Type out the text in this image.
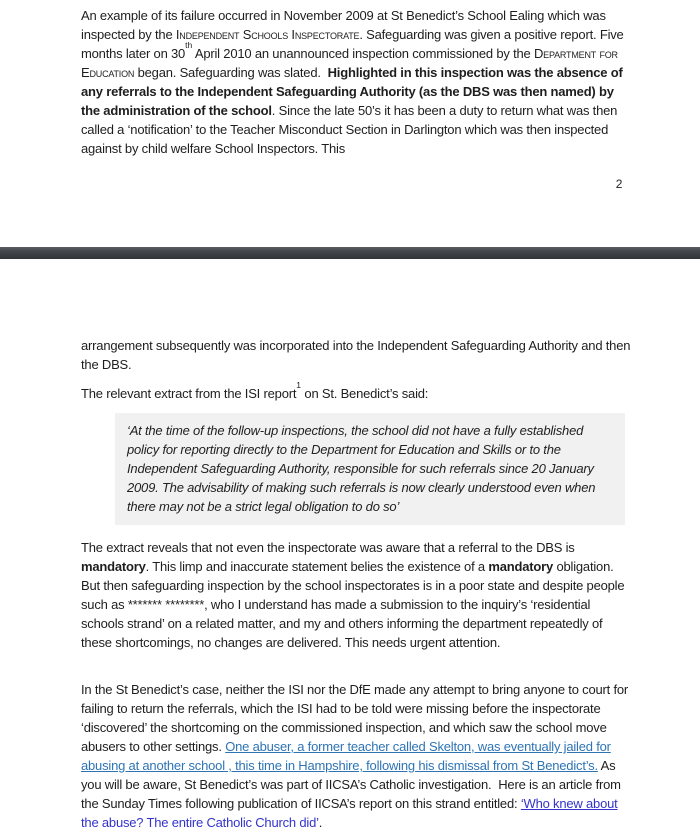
An example of its failure occurred in November 2009 at St Benedict’s School Ealing which was inspected by the Independent Schools Inspectorate. Safeguarding was given a positive report. Five months later on 30th April 2010 an unannounced inspection commissioned by the Department for Education began. Safeguarding was slated.  Highlighted in this inspection was the absence of any referrals to the Independent Safeguarding Authority (as the DBS was then named) by the administration of the school. Since the late 50’s it has been a duty to return what was then called a ‘notification’ to the Teacher Misconduct Section in Darlington which was then inspected against by child welfare School Inspectors. This

2

arrangement subsequently was incorporated into the Independent Safeguarding Authority and then the DBS.

The relevant extract from the ISI report$^1$ on St. Benedict’s said:

‘At the time of the follow-up inspections, the school did not have a fully established policy for reporting directly to the Department for Education and Skills or to the Independent Safeguarding Authority, responsible for such referrals since 20 January 2009. The advisability of making such referrals is now clearly understood even when there may not be a strict legal obligation to do so’

The extract reveals that not even the inspectorate was aware that a referral to the DBS is mandatory. This limp and inaccurate statement belies the existence of a mandatory obligation. But then safeguarding inspection by the school inspectorates is in a poor state and despite people  such as ******* ********, who I understand has made a submission to the inquiry’s ‘residential schools strand’ on a related matter, and my and others informing the department repeatedly of these shortcomings, no changes are delivered. This needs urgent attention.

In the St Benedict’s case, neither the ISI nor the DfE made any attempt to bring anyone to court for failing to return the referrals, which the ISI had to be told were missing before the inspectorate ‘discovered’ the shortcoming on the commissioned inspection, and which saw the school move abusers to other settings. One abuser, a former teacher called Skelton, was eventually jailed for abusing at another school , this time in Hampshire, following his dismissal from St Benedict’s. As you will be aware, St Benedict’s was part of IICSA’s Catholic investigation.  Here is an article from the Sunday Times following publication of IICSA’s report on this strand entitled: ‘Who knew about the abuse? The entire Catholic Church did’.
